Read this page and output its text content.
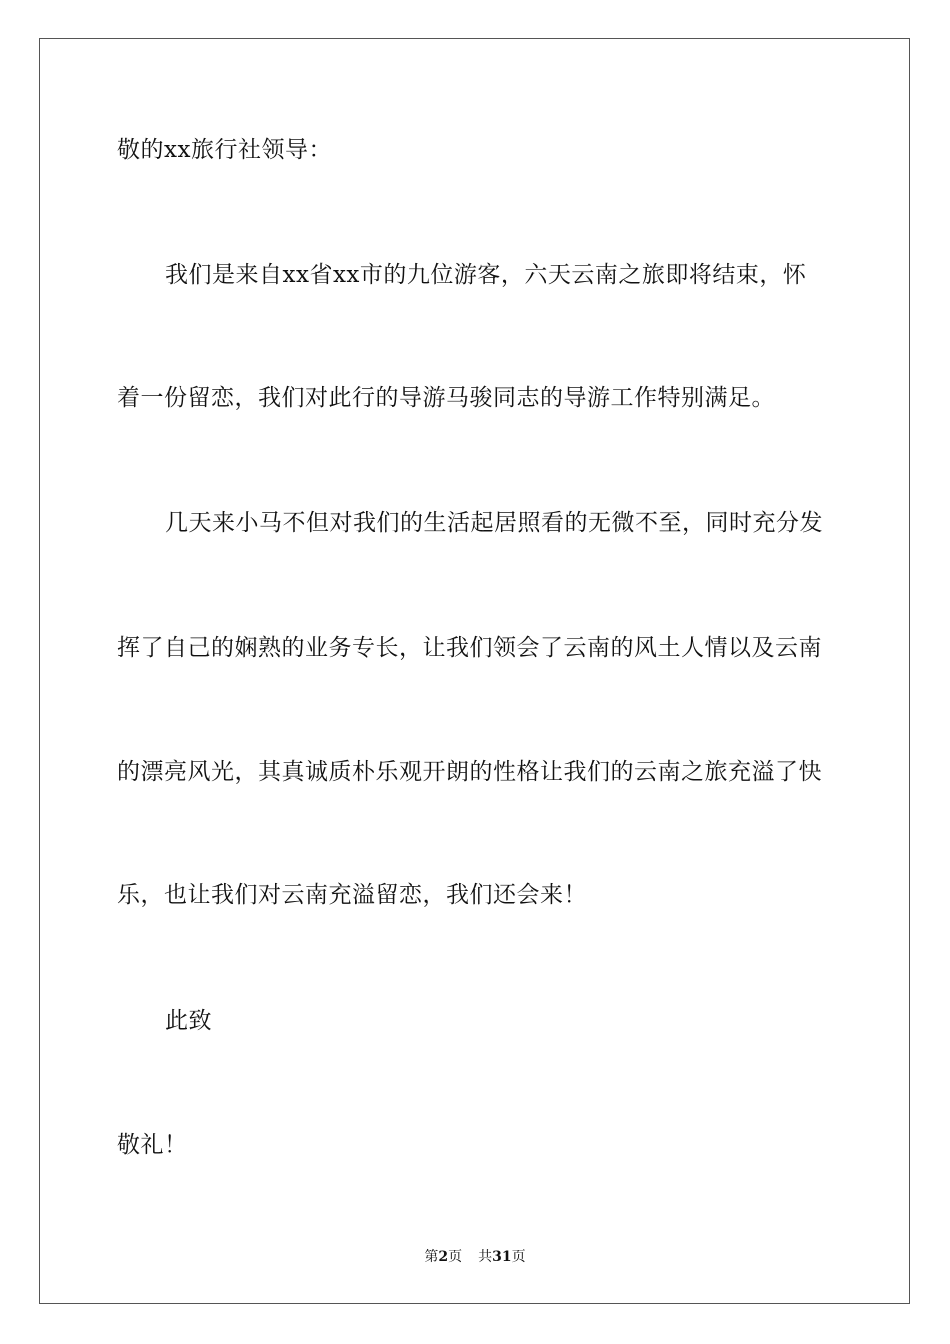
敬的xx旅行社领导：
我们是来自xx省xx市的九位游客，六天云南之旅即将结束，怀
着一份留恋，我们对此行的导游马骏同志的导游工作特别满足。
几天来小马不但对我们的生活起居照看的无微不至，同时充分发
挥了自己的娴熟的业务专长，让我们领会了云南的风土人情以及云南
的漂亮风光，其真诚质朴乐观开朗的性格让我们的云南之旅充溢了快
乐，也让我们对云南充溢留恋，我们还会来！
此致
敬礼！
第2页 共31页
